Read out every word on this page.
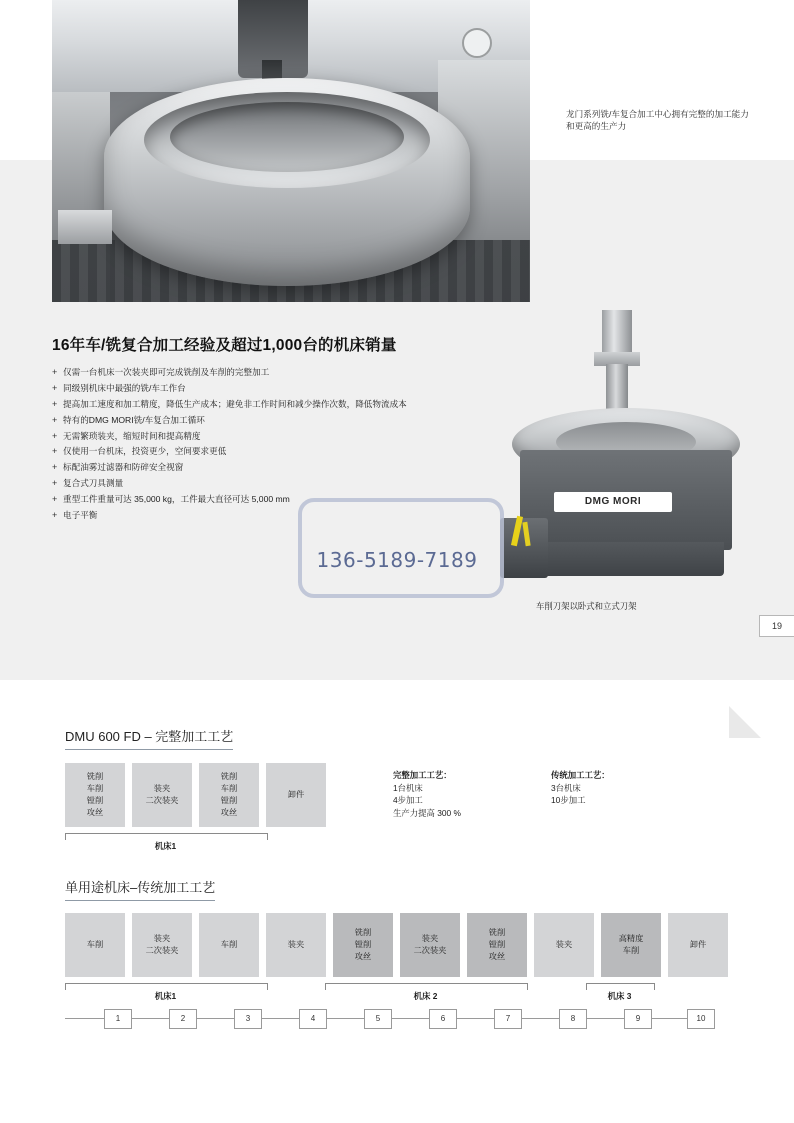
龙门系列铣/车复合加工中心拥有完整的加工能力和更高的生产力
16年车/铣复合加工经验及超过1,000台的机床销量
+ 仅需一台机床一次装夹即可完成铣削及车削的完整加工
+ 同级别机床中最强的铣/车工作台
+ 提高加工速度和加工精度，降低生产成本；避免非工作时间和减少操作次数，降低物流成本
+ 特有的DMG MORI铣/车复合加工循环
+ 无需繁琐装夹，缩短时间和提高精度
+ 仅使用一台机床，投资更少，空间要求更低
+ 标配油雾过滤器和防碎安全视窗
+ 复合式刀具测量
+ 重型工件重量可达 35,000 kg，工件最大直径可达 5,000 mm
+ 电子平衡
DMG MORI
车削刀架以卧式和立式刀架
136-5189-7189
19
DMU 600 FD – 完整加工工艺
单用途机床–传统加工工艺
铣削
车削
镗削
攻丝
装夹
二次装夹
铣削
车削
镗削
攻丝
卸件
机床1
完整加工工艺：
1台机床
4步加工
生产力提高 300 %
传统加工工艺：
3台机床
10步加工
车削
装夹
二次装夹
车削	装夹
铣削
镗削
攻丝
装夹
二次装夹
铣削
镗削
攻丝
装夹
高精度
车削
卸件
机床1	机床 2	机床 3
1	2	3	4	5	6	7	8	9	10
